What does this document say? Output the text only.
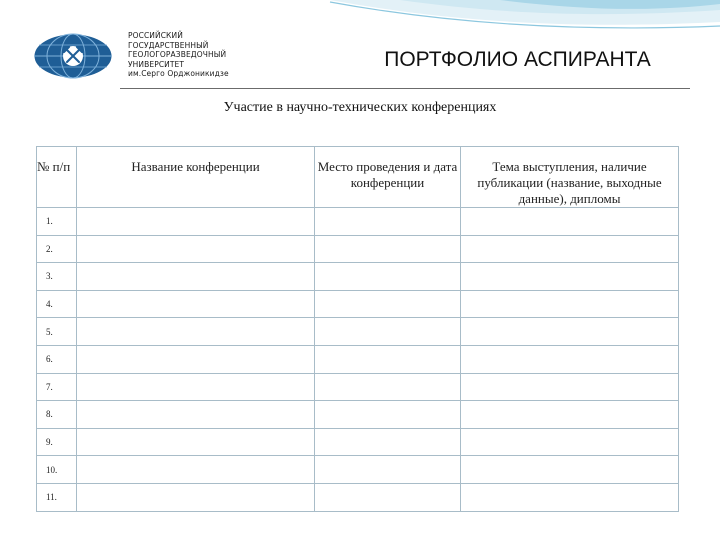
РОССИЙСКИЙ
ГОСУДАРСТВЕННЫЙ
ГЕОЛОГОРАЗВЕДОЧНЫЙ
УНИВЕРСИТЕТ
им.Серго Орджоникидзе
ПОРТФОЛИО АСПИРАНТА
Участие в научно-технических конференциях
№ п/п	Название конференции	Место проведения и дата конференции	Тема выступления, наличие публикации (название, выходные данные), дипломы
1.			
2.			
3.			
4.			
5.			
6.			
7.			
8.			
9.			
10.			
11.			
